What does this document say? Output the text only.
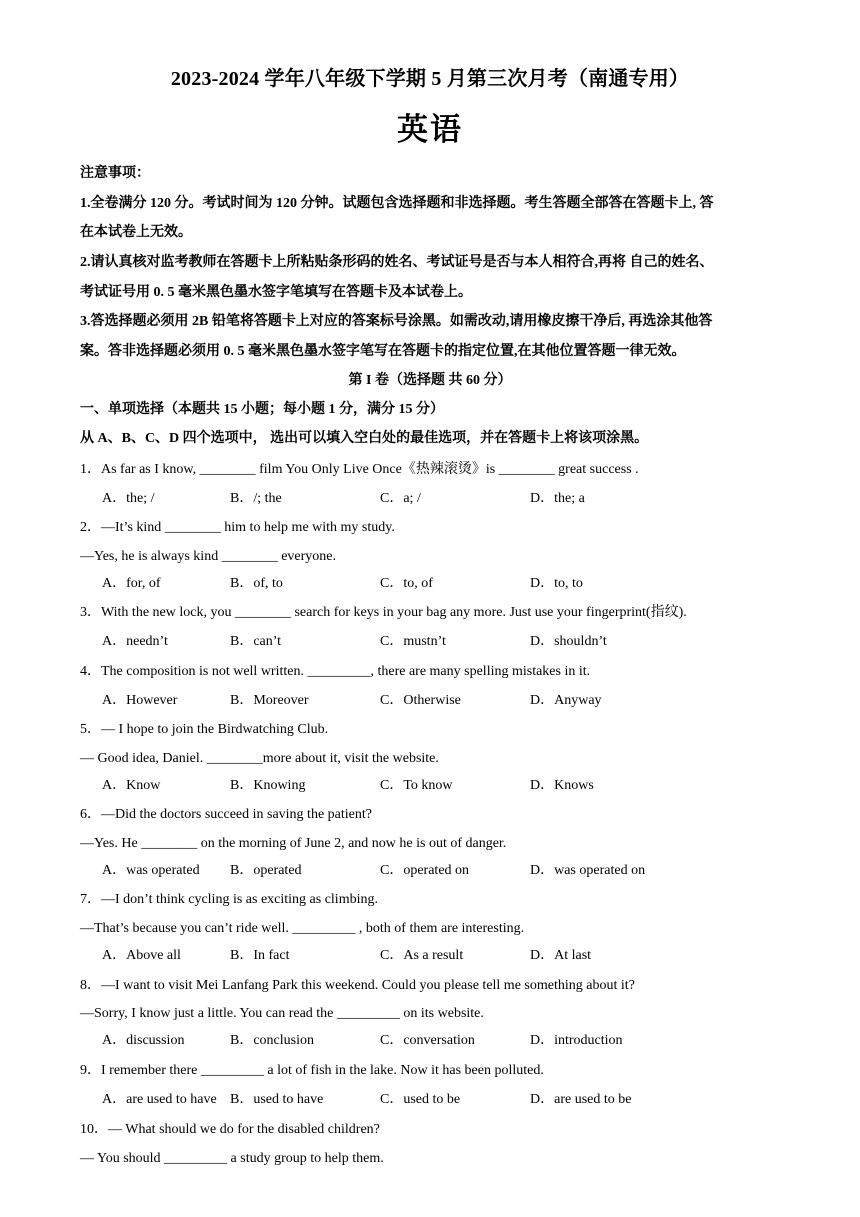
2023-2024 学年八年级下学期 5 月第三次月考（南通专用）
英语
注意事项：
1.全卷满分 120 分。考试时间为 120 分钟。试题包含选择题和非选择题。考生答题全部答在答题卡上, 答
在本试卷上无效。
2.请认真核对监考教师在答题卡上所粘贴条形码的姓名、考试证号是否与本人相符合,再将 自己的姓名、
考试证号用 0. 5 毫米黑色墨水签字笔填写在答题卡及本试卷上。
3.答选择题必须用 2B 铅笔将答题卡上对应的答案标号涂黑。如需改动,请用橡皮擦干净后, 再选涂其他答
案。答非选择题必须用 0. 5 毫米黑色墨水签字笔写在答题卡的指定位置,在其他位置答题一律无效。
第 I 卷（选择题 共 60 分）
一、单项选择（本题共 15 小题；每小题 1 分，满分 15 分）
从 A、B、C、D 四个选项中， 选出可以填入空白处的最佳选项，并在答题卡上将该项涂黑。
1．As far as I know, ________ film You Only Live Once《热辣滚烫》is ________ great success .
A．the; /	B．/; the	C．a; /	D．the; a
2．—It’s kind ________ him to help me with my study.
—Yes, he is always kind ________ everyone.
A．for, of	B．of, to	C．to, of	D．to, to
3．With the new lock, you ________ search for keys in your bag any more. Just use your fingerprint(指纹).
A．needn’t	B．can’t	C．mustn’t	D．shouldn’t
4．The composition is not well written. _________, there are many spelling mistakes in it.
A．However	B．Moreover	C．Otherwise	D．Anyway
5．— I hope to join the Birdwatching Club.
— Good idea, Daniel. ________more about it, visit the website.
A．Know	B．Knowing	C．To know	D．Knows
6．—Did the doctors succeed in saving the patient?
—Yes. He ________ on the morning of June 2, and now he is out of danger.
A．was operated B．operated	C．operated on	D．was operated on
7．—I don’t think cycling is as exciting as climbing.
—That’s because you can’t ride well. _________ , both of them are interesting.
A．Above all	B．In fact	C．As a result	D．At last
8．—I want to visit Mei Lanfang Park this weekend. Could you please tell me something about it?
—Sorry, I know just a little. You can read the _________ on its website.
A．discussion	B．conclusion	C．conversation	D．introduction
9．I remember there _________ a lot of fish in the lake. Now it has been polluted.
A．are used to have B．used to have	C．used to be	D．are used to be
10．— What should we do for the disabled children?
— You should _________ a study group to help them.
